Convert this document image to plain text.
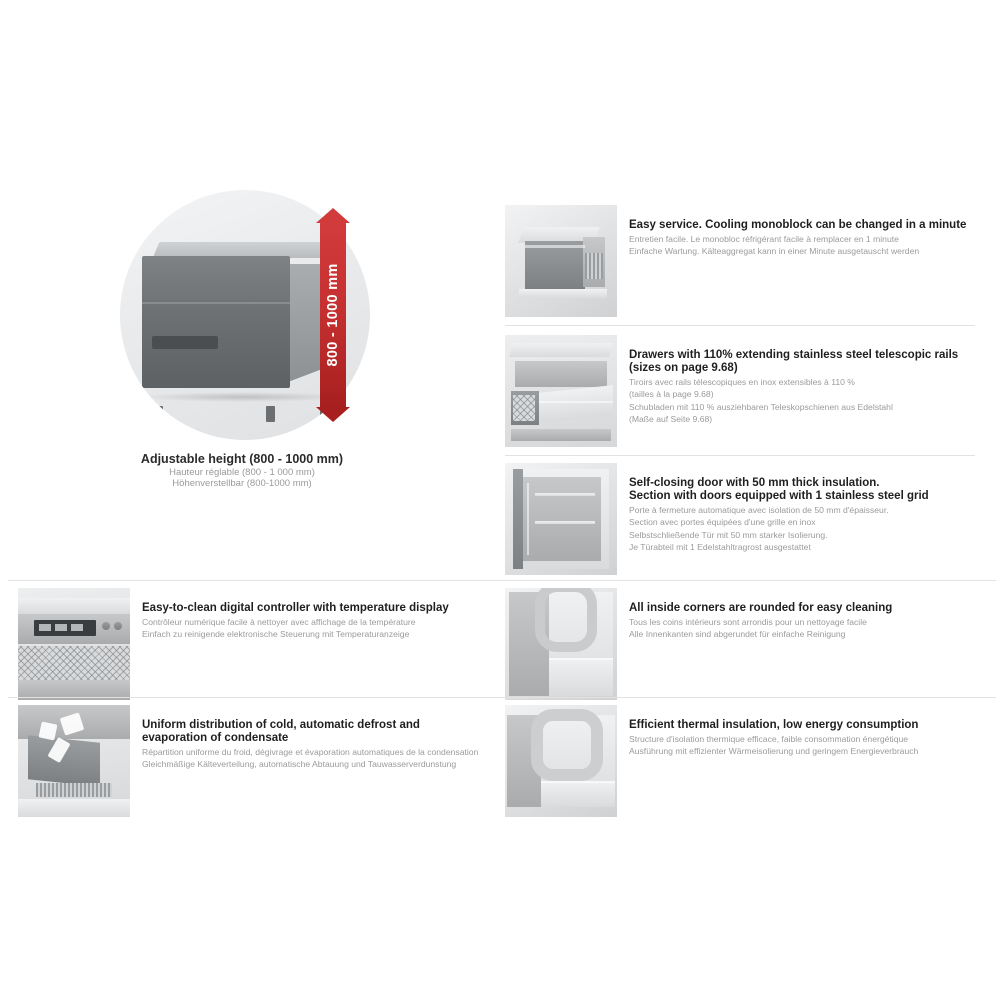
800 - 1000 mm
Adjustable height (800 - 1000 mm)
Hauteur réglable (800 - 1 000 mm)
Höhenverstellbar (800-1000 mm)
Easy service. Cooling monoblock can be changed in a minute
Entretien facile. Le monobloc réfrigérant facile à remplacer en 1 minute
Einfache Wartung. Kälteaggregat kann in einer Minute ausgetauscht werden
Drawers with 110% extending stainless steel telescopic rails
(sizes on page 9.68)
Tiroirs avec rails télescopiques en inox extensibles à 110 %
(tailles à la page 9.68)
Schubladen mit 110 % ausziehbaren Teleskopschienen aus Edelstahl
(Maße auf Seite 9.68)
Self-closing door with 50 mm thick insulation.
Section with doors equipped with 1 stainless steel grid
Porte à fermeture automatique avec isolation de 50 mm d'épaisseur.
Section avec portes équipées d'une grille en inox
Selbstschließende Tür mit 50 mm starker Isolierung.
Je Türabteil mit 1 Edelstahltragrost ausgestattet
Easy-to-clean digital controller with temperature display
Contrôleur numérique facile à nettoyer avec affichage de la température
Einfach zu reinigende elektronische Steuerung mit Temperaturanzeige
All inside corners are rounded for easy cleaning
Tous les coins intérieurs sont arrondis pour un nettoyage facile
Alle Innenkanten sind abgerundet für einfache Reinigung
Uniform distribution of cold, automatic defrost and evaporation of condensate
Répartition uniforme du froid, dégivrage et évaporation automatiques de la condensation
Gleichmäßige Kälteverteilung, automatische Abtauung und Tauwasserverdunstung
Efficient thermal insulation, low energy consumption
Structure d'isolation thermique efficace, faible consommation énergétique
Ausführung mit effizienter Wärmeisolierung und geringem Energieverbrauch
